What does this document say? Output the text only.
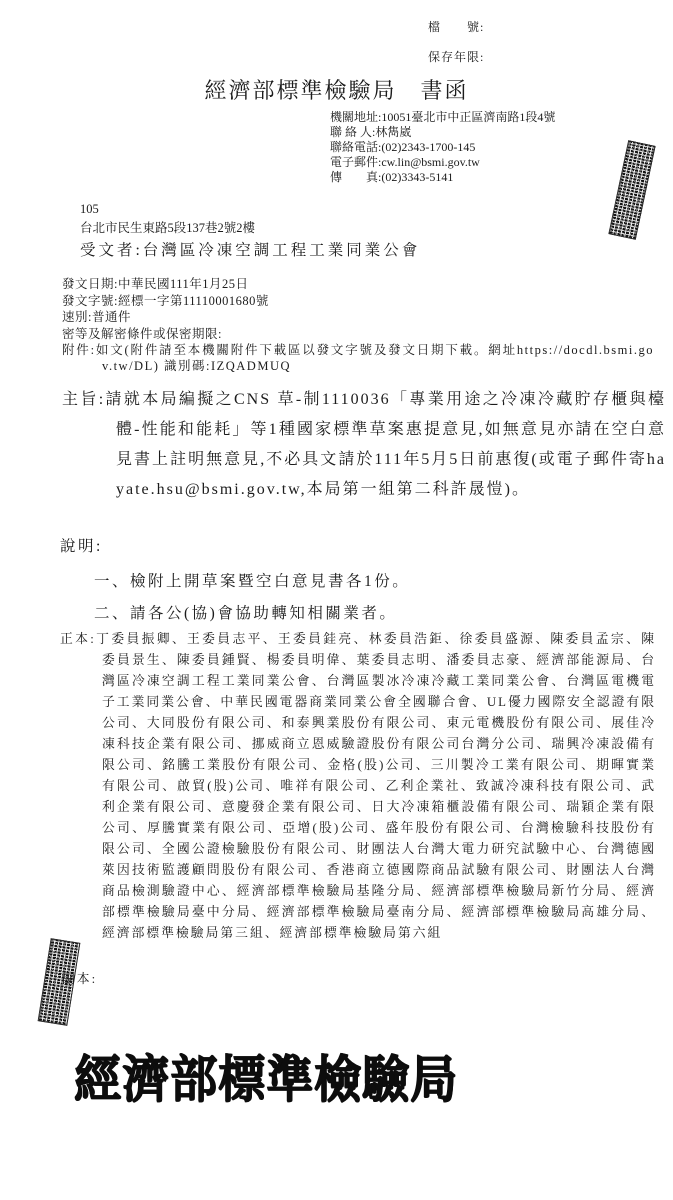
檔　　號:
保存年限:
經濟部標準檢驗局　書函
機關地址:10051臺北市中正區濟南路1段4號
聯 絡 人:林雋崴
聯絡電話:(02)2343-1700-145
電子郵件:cw.lin@bsmi.gov.tw
傳　　真:(02)3343-5141
105
台北市民生東路5段137巷2號2樓
受文者:台灣區冷凍空調工程工業同業公會
發文日期:中華民國111年1月25日
發文字號:經標一字第11110001680號
速別:普通件
密等及解密條件或保密期限:

附件:如文(附件請至本機關附件下載區以發文字號及發文日期下載。網址https://docdl.bsmi.gov.tw/DL) 識別碼:IZQADMUQ

主旨:請就本局編擬之CNS 草-制1110036「專業用途之冷凍冷藏貯存櫃與檯體-性能和能耗」等1種國家標準草案惠提意見,如無意見亦請在空白意見書上註明無意見,不必具文請於111年5月5日前惠復(或電子郵件寄hayate.hsu@bsmi.gov.tw,本局第一組第二科許晟愷)。

說明:
一、檢附上開草案暨空白意見書各1份。
二、請各公(協)會協助轉知相關業者。

正本:丁委員振卿、王委員志平、王委員銈亮、林委員浩鉅、徐委員盛源、陳委員孟宗、陳委員景生、陳委員鍾賢、楊委員明偉、葉委員志明、潘委員志豪、經濟部能源局、台灣區冷凍空調工程工業同業公會、台灣區製冰冷凍冷藏工業同業公會、台灣區電機電子工業同業公會、中華民國電器商業同業公會全國聯合會、UL優力國際安全認證有限公司、大同股份有限公司、和泰興業股份有限公司、東元電機股份有限公司、展佳冷凍科技企業有限公司、挪威商立恩威驗證股份有限公司台灣分公司、瑞興冷凍設備有限公司、銘騰工業股份有限公司、金格(股)公司、三川製冷工業有限公司、期暉實業有限公司、啟貿(股)公司、唯祥有限公司、乙利企業社、致誠冷凍科技有限公司、武利企業有限公司、意慶發企業有限公司、日大冷凍箱櫃設備有限公司、瑞穎企業有限公司、厚騰實業有限公司、亞增(股)公司、盛年股份有限公司、台灣檢驗科技股份有限公司、全國公證檢驗股份有限公司、財團法人台灣大電力研究試驗中心、台灣德國萊因技術監護顧問股份有限公司、香港商立德國際商品試驗有限公司、財團法人台灣商品檢測驗證中心、經濟部標準檢驗局基隆分局、經濟部標準檢驗局新竹分局、經濟部標準檢驗局臺中分局、經濟部標準檢驗局臺南分局、經濟部標準檢驗局高雄分局、經濟部標準檢驗局第三組、經濟部標準檢驗局第六組

副本:
經濟部標準檢驗局
